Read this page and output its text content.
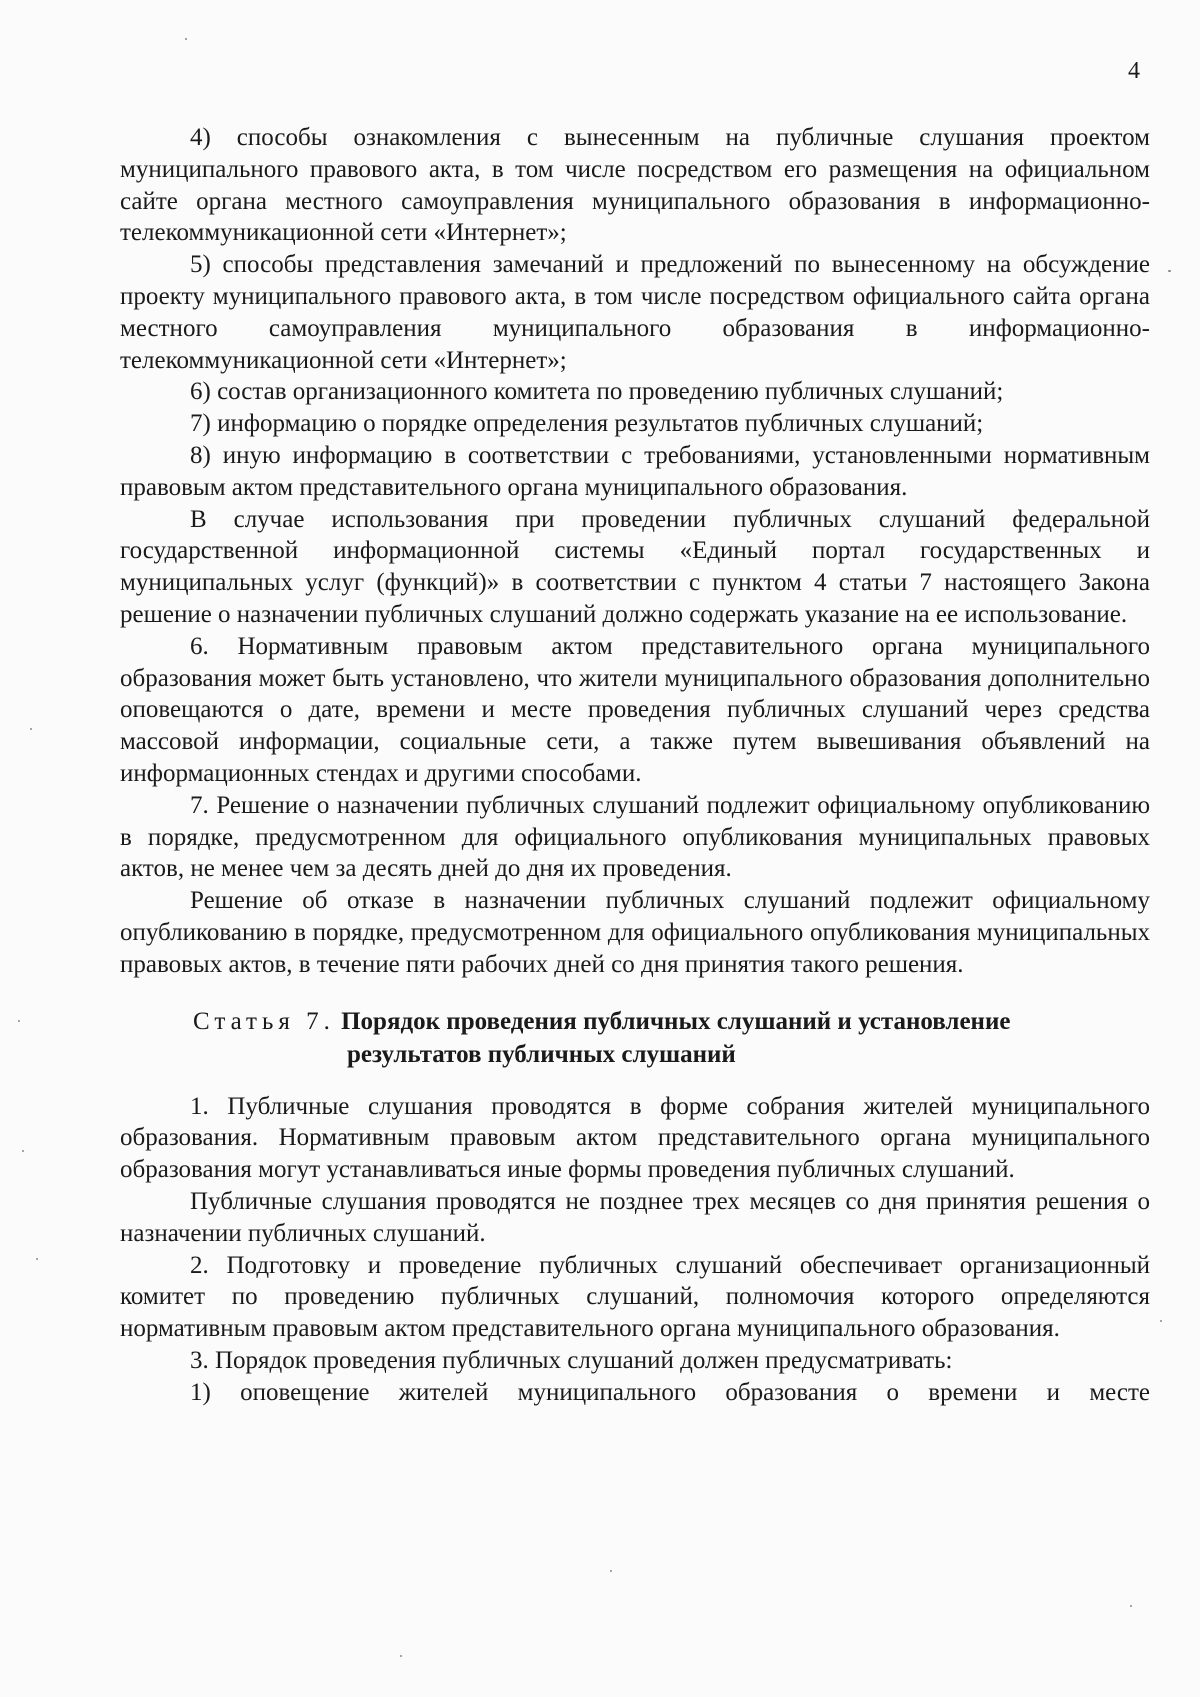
4

4) способы ознакомления с вынесенным на публичные слушания проектом муниципального правового акта, в том числе посредством его размещения на официальном сайте органа местного самоуправления муниципального образования в информационно-телекоммуникационной сети «Интернет»;

5) способы представления замечаний и предложений по вынесенному на обсуждение проекту муниципального правового акта, в том числе посредством официального сайта органа местного самоуправления муниципального образования в информационно-телекоммуникационной сети «Интернет»;

6) состав организационного комитета по проведению публичных слушаний;

7) информацию о порядке определения результатов публичных слушаний;

8) иную информацию в соответствии с требованиями, установленными нормативным правовым актом представительного органа муниципального образования.

В случае использования при проведении публичных слушаний федеральной государственной информационной системы «Единый портал государственных и муниципальных услуг (функций)» в соответствии с пунктом 4 статьи 7 настоящего Закона решение о назначении публичных слушаний должно содержать указание на ее использование.

6. Нормативным правовым актом представительного органа муниципального образования может быть установлено, что жители муниципального образования дополнительно оповещаются о дате, времени и месте проведения публичных слушаний через средства массовой информации, социальные сети, а также путем вывешивания объявлений на информационных стендах и другими способами.

7. Решение о назначении публичных слушаний подлежит официальному опубликованию в порядке, предусмотренном для официального опубликования муниципальных правовых актов, не менее чем за десять дней до дня их проведения.

Решение об отказе в назначении публичных слушаний подлежит официальному опубликованию в порядке, предусмотренном для официального опубликования муниципальных правовых актов, в течение пяти рабочих дней со дня принятия такого решения.

Статья 7. Порядок проведения публичных слушаний и установление
результатов публичных слушаний

1. Публичные слушания проводятся в форме собрания жителей муниципального образования. Нормативным правовым актом представительного органа муниципального образования могут устанавливаться иные формы проведения публичных слушаний.

Публичные слушания проводятся не позднее трех месяцев со дня принятия решения о назначении публичных слушаний.

2. Подготовку и проведение публичных слушаний обеспечивает организационный комитет по проведению публичных слушаний, полномочия которого определяются нормативным правовым актом представительного органа муниципального образования.

3. Порядок проведения публичных слушаний должен предусматривать:

1) оповещение жителей муниципального образования о времени и месте
